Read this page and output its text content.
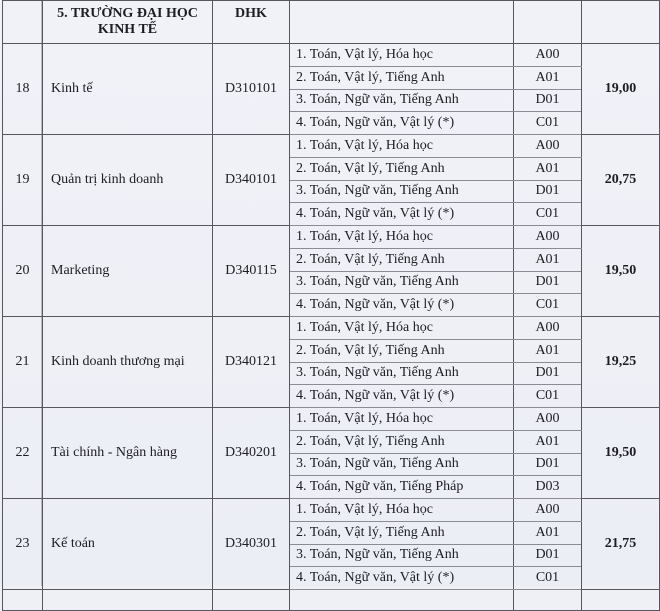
	5. TRƯỜNG ĐẠI HỌC KINH TẾ	DHK			
18	Kinh tế	D310101	1. Toán, Vật lý, Hóa học	A00	19,00
			2. Toán, Vật lý, Tiếng Anh	A01	
			3. Toán, Ngữ văn, Tiếng Anh	D01	
			4. Toán, Ngữ văn, Vật lý (*)	C01	
19	Quản trị kinh doanh	D340101	1. Toán, Vật lý, Hóa học	A00	20,75
			2. Toán, Vật lý, Tiếng Anh	A01	
			3. Toán, Ngữ văn, Tiếng Anh	D01	
			4. Toán, Ngữ văn, Vật lý (*)	C01	
20	Marketing	D340115	1. Toán, Vật lý, Hóa học	A00	19,50
			2. Toán, Vật lý, Tiếng Anh	A01	
			3. Toán, Ngữ văn, Tiếng Anh	D01	
			4. Toán, Ngữ văn, Vật lý (*)	C01	
21	Kinh doanh thương mại	D340121	1. Toán, Vật lý, Hóa học	A00	19,25
			2. Toán, Vật lý, Tiếng Anh	A01	
			3. Toán, Ngữ văn, Tiếng Anh	D01	
			4. Toán, Ngữ văn, Vật lý (*)	C01	
22	Tài chính - Ngân hàng	D340201	1. Toán, Vật lý, Hóa học	A00	19,50
			2. Toán, Vật lý, Tiếng Anh	A01	
			3. Toán, Ngữ văn, Tiếng Anh	D01	
			4. Toán, Ngữ văn, Tiếng Pháp	D03	
23	Kế toán	D340301	1. Toán, Vật lý, Hóa học	A00	21,75
			2. Toán, Vật lý, Tiếng Anh	A01	
			3. Toán, Ngữ văn, Tiếng Anh	D01	
			4. Toán, Ngữ văn, Vật lý (*)	C01	
